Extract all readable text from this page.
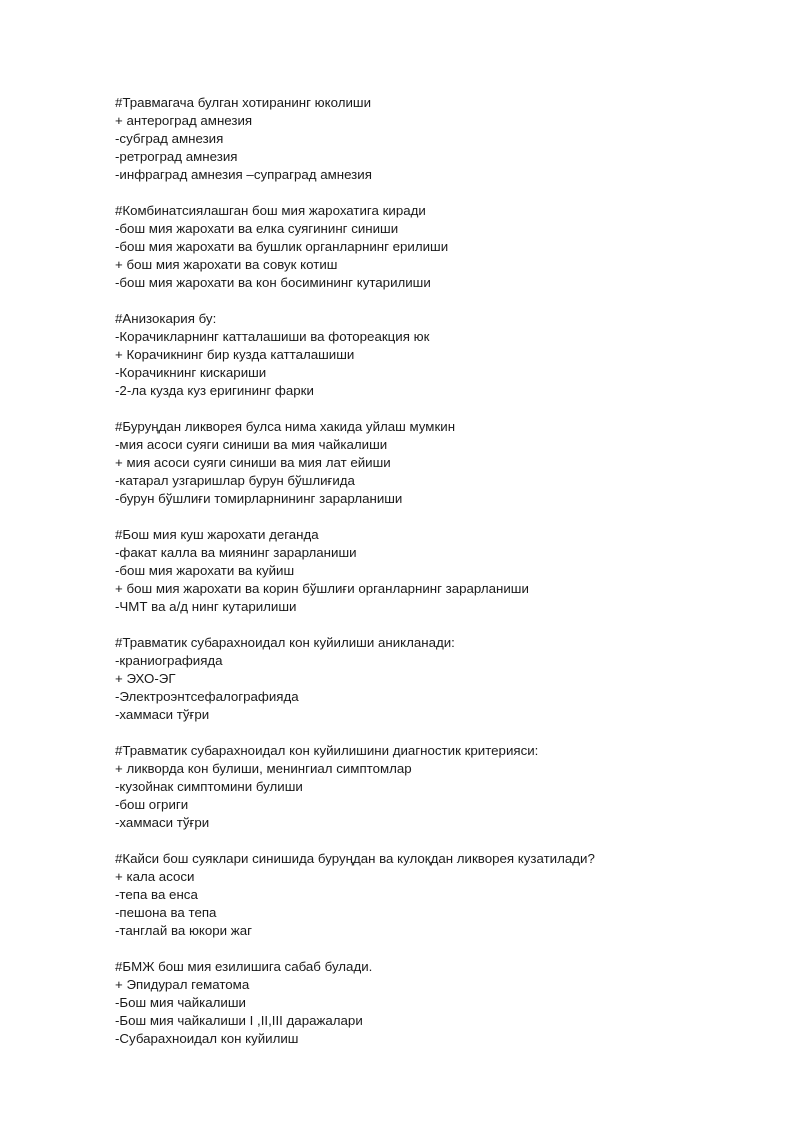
#Травмагача булган хотиранинг юколиши
+ антероград амнезия
-субград амнезия
-ретроград амнезия
-инфраград амнезия –супраград амнезия
#Комбинатсиялашган бош мия жарохатига киради
-бош мия жарохати ва елка суягининг синиши
-бош мия жарохати ва бушлик органларнинг ерилиши
+ бош мия жарохати ва совук котиш
-бош мия жарохати ва кон босимининг кутарилиши
#Анизокария бу:
-Корачикларнинг катталашиши ва фотореакция юк
+ Корачикнинг бир кузда катталашиши
-Корачикнинг кискариши
-2-ла кузда куз еригининг фарки
#Буруңдан ликворея булса нима хакида уйлаш мумкин
-мия асоси суяги синиши ва мия чайкалиши
+ мия асоси суяги синиши ва мия лат ейиши
-катарал узгаришлар бурун бўшлиғида
-бурун бўшлиғи томирларнининг зарарланиши
#Бош мия куш жарохати деганда
-факат калла ва миянинг зарарланиши
-бош мия жарохати ва куйиш
+ бош мия жарохати ва корин бўшлиғи органларнинг зарарланиши
-ЧМТ ва а/д нинг кутарилиши
#Травматик субарахноидал кон куйилиши аникланади:
-краниографияда
+ ЭХО-ЭГ
-Электроэнтсефалографияда
-хаммаси тўғри
#Травматик субарахноидал кон куйилишини диагностик критерияси:
+ ликворда кон булиши, менингиал симптомлар
-кузойнак симптомини булиши
-бош огриги
-хаммаси тўғри
#Кайси бош суяклари синишида буруңдан ва кулоқдан ликворея кузатилади?
+ кала асоси
-тепа ва енса
-пешона ва тепа
-танглай ва юкори жаг
#БМЖ бош мия езилишига сабаб булади.
+ Эпидурал гематома
-Бош мия чайкалиши
-Бош мия чайкалиши I ,II,III даражалари
-Субарахноидал кон куйилиш
